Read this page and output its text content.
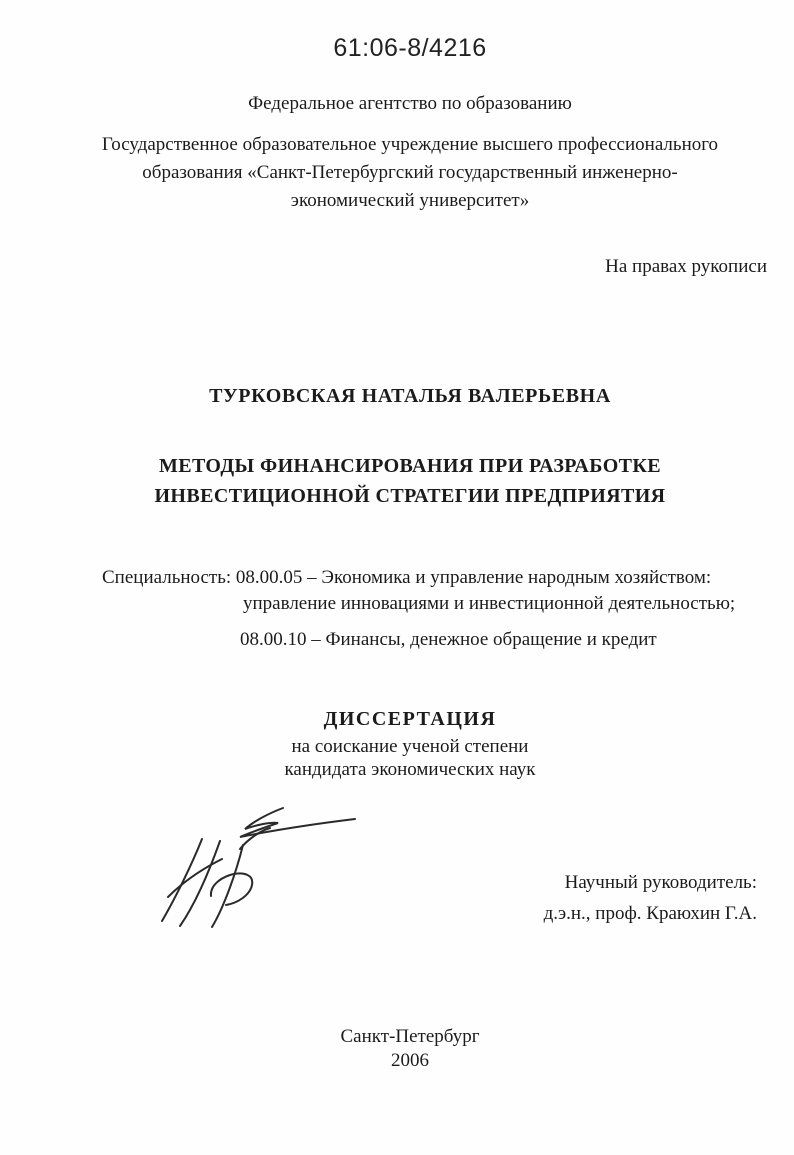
61:06-8/4216
Федеральное агентство по образованию
Государственное образовательное учреждение высшего профессионального
образования «Санкт-Петербургский государственный инженерно-
экономический университет»
На правах рукописи
ТУРКОВСКАЯ НАТАЛЬЯ ВАЛЕРЬЕВНА
МЕТОДЫ ФИНАНСИРОВАНИЯ ПРИ РАЗРАБОТКЕ
ИНВЕСТИЦИОННОЙ СТРАТЕГИИ ПРЕДПРИЯТИЯ
Специальность: 08.00.05 – Экономика и управление народным хозяйством:
управление инновациями и инвестиционной деятельностью;
08.00.10 – Финансы, денежное обращение и кредит
ДИССЕРТАЦИЯ
на соискание ученой степени
кандидата экономических наук
Научный руководитель:
д.э.н., проф. Краюхин Г.А.
Санкт-Петербург
2006
